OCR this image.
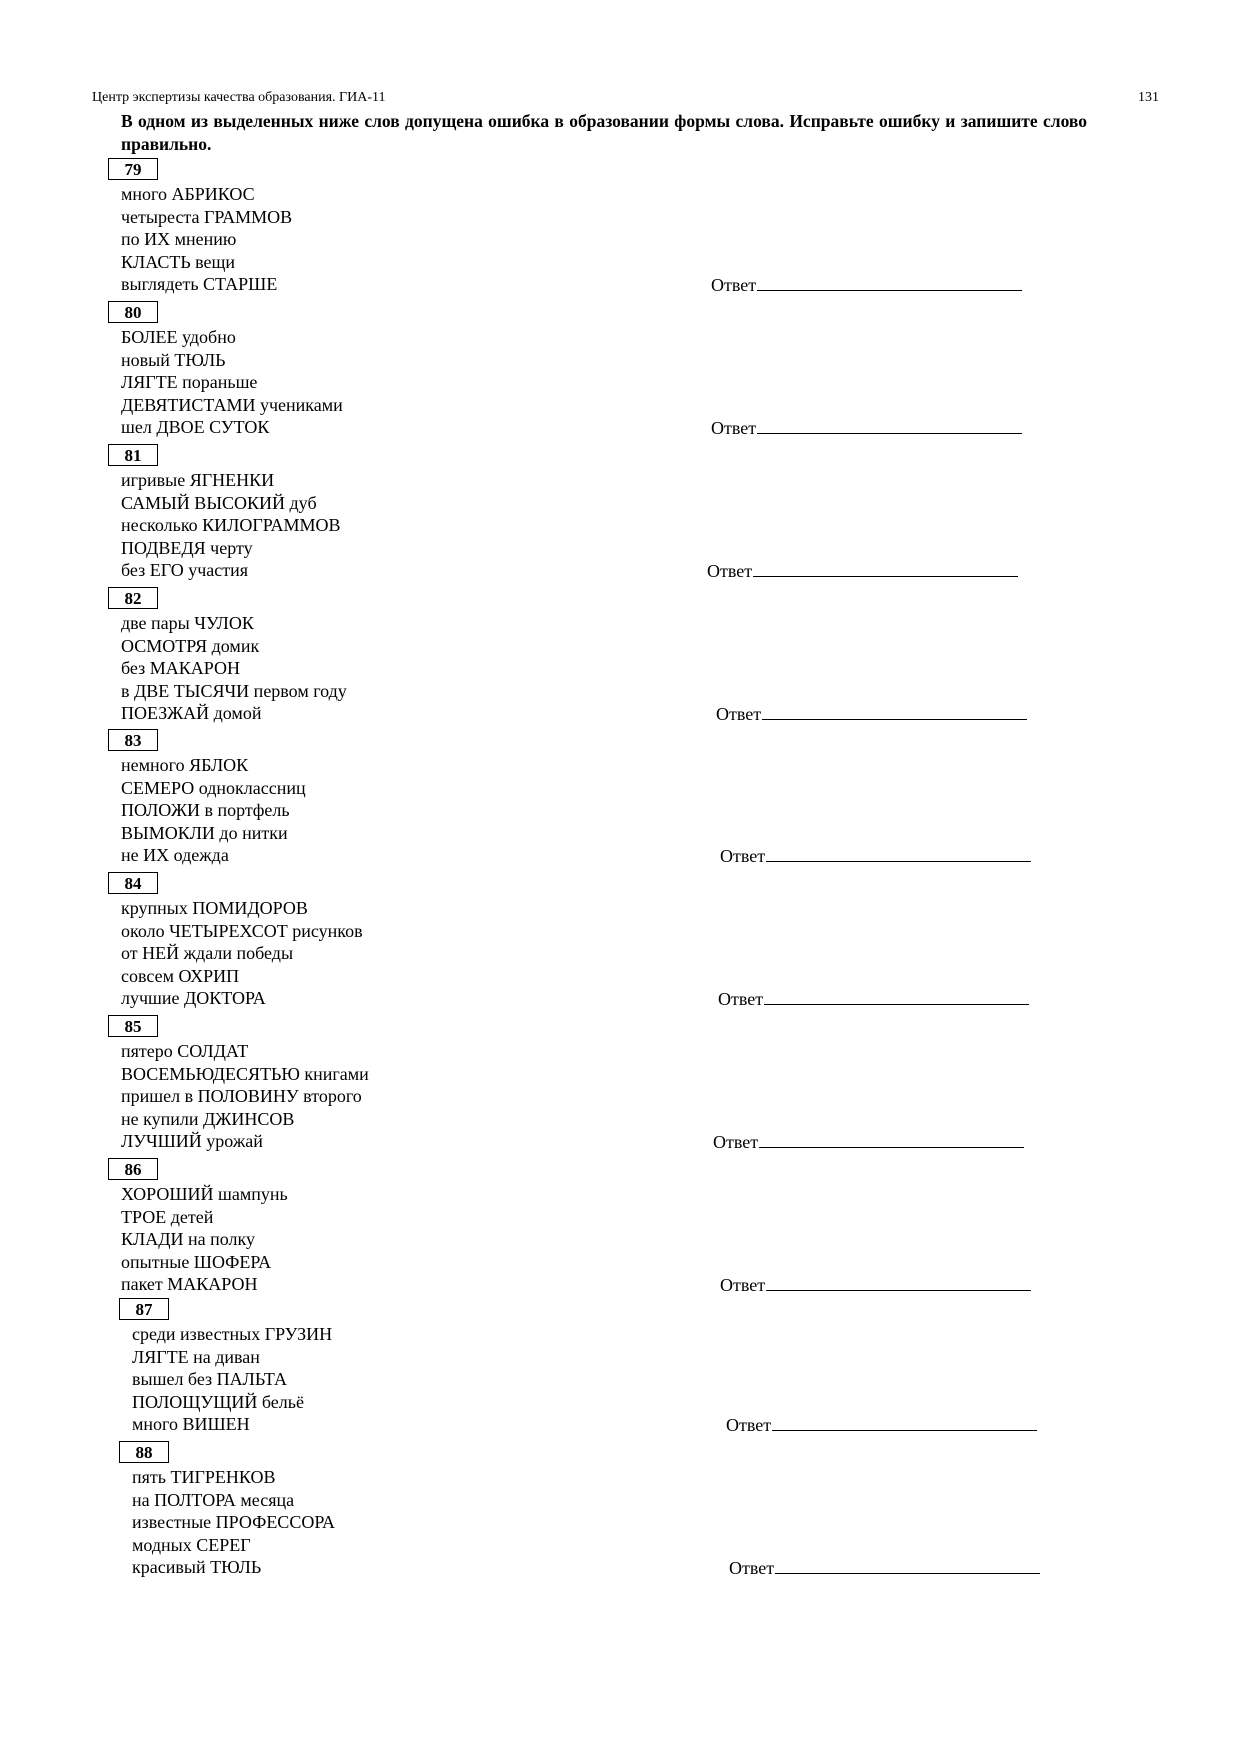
Центр экспертизы качества образования. ГИА-11	131
В одном из выделенных ниже слов допущена ошибка в образовании формы слова. Исправьте ошибку и запишите слово правильно.
79
много АБРИКОС
четыреста ГРАММОВ
по ИХ мнению
КЛАСТЬ вещи
выглядеть СТАРШЕ	Ответ
80
БОЛЕЕ удобно
новый ТЮЛЬ
ЛЯГТЕ пораньше
ДЕВЯТИСТАМИ учениками
шел ДВОЕ СУТОК	Ответ
81
игривые ЯГНЕНКИ
САМЫЙ ВЫСОКИЙ дуб
несколько КИЛОГРАММОВ
ПОДВЕДЯ черту
без ЕГО участия	Ответ
82
две пары ЧУЛОК
ОСМОТРЯ домик
без МАКАРОН
в ДВЕ ТЫСЯЧИ первом году
ПОЕЗЖАЙ домой	Ответ
83
немного ЯБЛОК
СЕМЕРО одноклассниц
ПОЛОЖИ в портфель
ВЫМОКЛИ до нитки
не ИХ одежда	Ответ
84
крупных ПОМИДОРОВ
около ЧЕТЫРЕХСОТ рисунков
от НЕЙ ждали победы
совсем ОХРИП
лучшие ДОКТОРА	Ответ
85
пятеро СОЛДАТ
ВОСЕМЬЮДЕСЯТЬЮ книгами
пришел в ПОЛОВИНУ второго
не купили ДЖИНСОВ
ЛУЧШИЙ урожай	Ответ
86
ХОРОШИЙ шампунь
ТРОЕ детей
КЛАДИ на полку
опытные ШОФЕРА
пакет МАКАРОН	Ответ
87
среди известных ГРУЗИН
ЛЯГТЕ на диван
вышел без ПАЛЬТА
ПОЛОЩУЩИЙ бельё
много ВИШЕН	Ответ
88
пять ТИГРЕНКОВ
на ПОЛТОРА месяца
известные ПРОФЕССОРА
модных СЕРЕГ
красивый ТЮЛЬ	Ответ
